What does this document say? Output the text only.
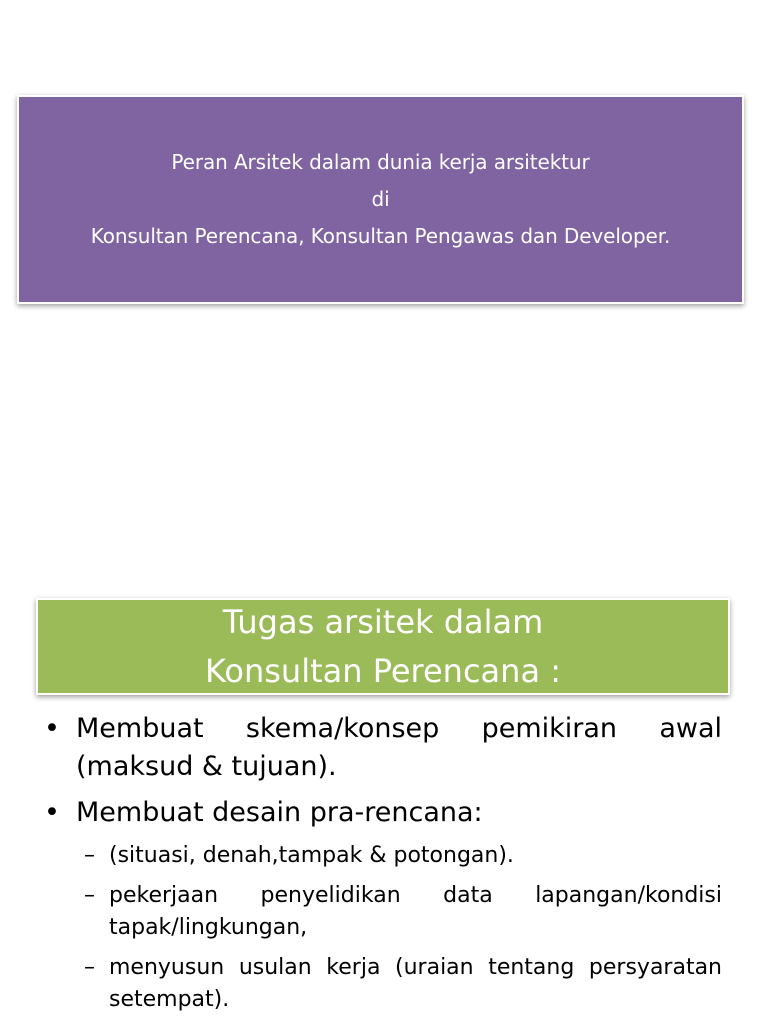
Peran Arsitek dalam dunia kerja arsitektur
di
Konsultan Perencana, Konsultan Pengawas dan Developer.
Tugas arsitek dalam
Konsultan Perencana :
• Membuat skema/konsep pemikiran awal (maksud & tujuan).
• Membuat desain pra-rencana:
– (situasi, denah,tampak & potongan).
– pekerjaan penyelidikan data lapangan/kondisi tapak/lingkungan,
– menyusun usulan kerja (uraian tentang persyaratan setempat).
